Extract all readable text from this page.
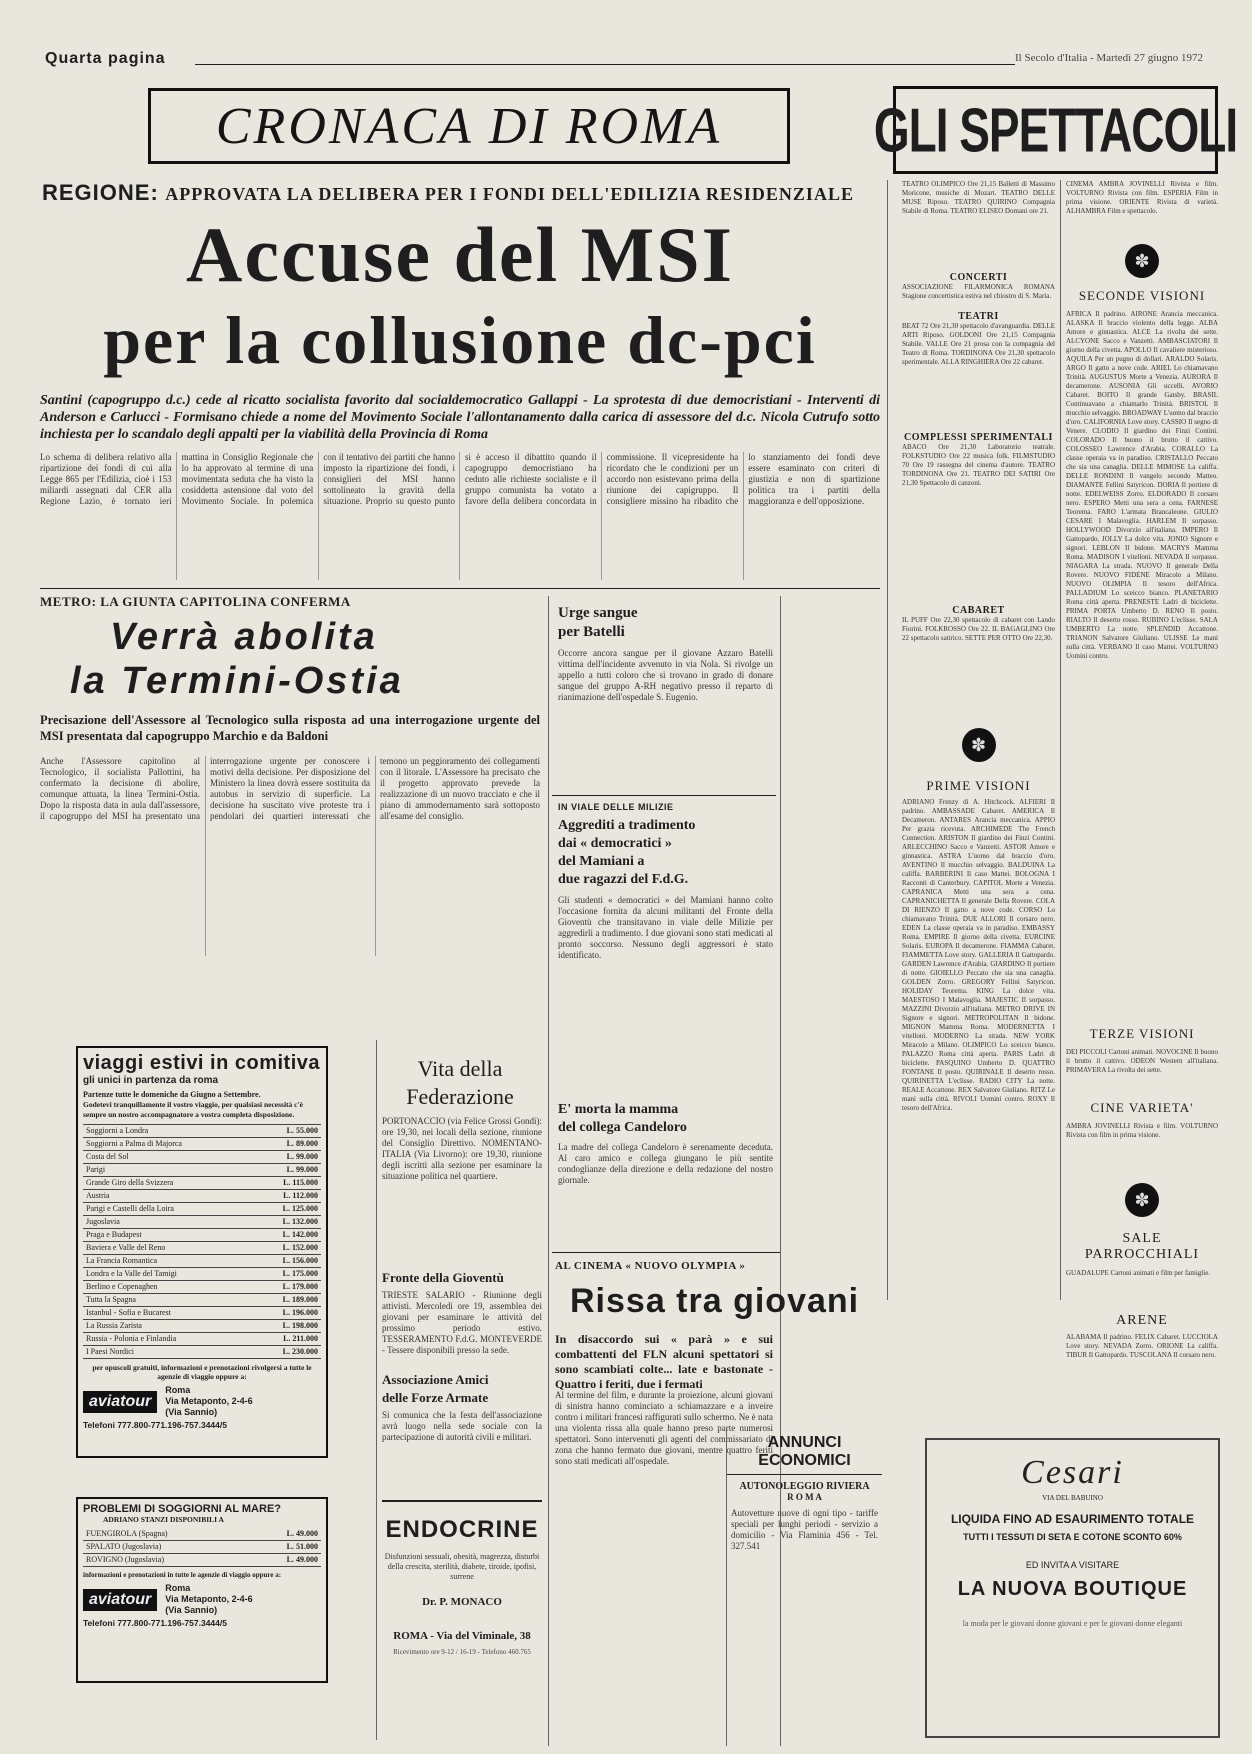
Quarta pagina	Il Secolo d'Italia - Martedì 27 giugno 1972
CRONACA DI ROMA
REGIONE: APPROVATA LA DELIBERA PER I FONDI DELL'EDILIZIA RESIDENZIALE
Accuse del MSI
per la collusione dc-pci
Santini (capogruppo d.c.) cede al ricatto socialista favorito dal socialdemocratico Gallappi - La sprotesta di due democristiani - Interventi di Anderson e Carlucci - Formisano chiede a nome del Movimento Sociale l'allontanamento dalla carica di assessore del d.c. Nicola Cutrufo sotto inchiesta per lo scandalo degli appalti per la viabilità della Provincia di Roma
Lo schema di delibera relativo alla ripartizione dei fondi di cui alla Legge 865 per l'Edilizia, cioè i 153 miliardi assegnati dal CER alla Regione Lazio, è tornato ieri mattina in Consiglio Regionale che lo ha approvato al termine di una movimentata seduta che ha visto la cosiddetta astensione dal voto del Movimento Sociale. In polemica con il tentativo dei partiti che hanno imposto la ripartizione dei fondi, i consiglieri del MSI hanno sottolineato la gravità della situazione. Proprio su questo punto si è acceso il dibattito quando il capogruppo democristiano ha ceduto alle richieste socialiste e il gruppo comunista ha votato a favore della delibera concordata in commissione. Il vicepresidente ha ricordato che le condizioni per un accordo non esistevano prima della riunione dei capigruppo. Il consigliere missino ha ribadito che lo stanziamento dei fondi deve essere esaminato con criteri di giustizia e non di spartizione politica tra i partiti della maggioranza e dell'opposizione.
METRO: LA GIUNTA CAPITOLINA CONFERMA
Verrà abolita
la Termini-Ostia
Precisazione dell'Assessore al Tecnologico sulla risposta ad una interrogazione urgente del MSI presentata dal capogruppo Marchio e da Baldoni
Anche l'Assessore capitolino al Tecnologico, il socialista Pallottini, ha confermato la decisione di abolire, comunque attuata, la linea Termini-Ostia. Dopo la risposta data in aula dall'assessore, il capogruppo del MSI ha presentato una interrogazione urgente per conoscere i motivi della decisione. Per disposizione del Ministero la linea dovrà essere sostituita da autobus in servizio di superficie. La decisione ha suscitato vive proteste tra i pendolari dei quartieri interessati che temono un peggioramento dei collegamenti con il litorale. L'Assessore ha precisato che il progetto approvato prevede la realizzazione di un nuovo tracciato e che il piano di ammodernamento sarà sottoposto all'esame del consiglio.
Urge sangue
per Batelli
Occorre ancora sangue per il giovane Azzaro Batelli vittima dell'incidente avvenuto in via Nola. Si rivolge un appello a tutti coloro che si trovano in grado di donare sangue del gruppo A-RH negativo presso il reparto di rianimazione dell'ospedale S. Eugenio.
IN VIALE DELLE MILIZIE
Aggrediti a tradimento
dai « democratici »
del Mamiani a
due ragazzi del F.d.G.
Gli studenti « democratici » del Mamiani hanno colto l'occasione fornita da alcuni militanti del Fronte della Gioventù che transitavano in viale delle Milizie per aggredirli a tradimento. I due giovani sono stati medicati al pronto soccorso. Nessuno degli aggressori è stato identificato.
E' morta la mamma
del collega Candeloro
La madre del collega Candeloro è serenamente deceduta. Al caro amico e collega giungano le più sentite condoglianze della direzione e della redazione del nostro giornale.
Vita della
Federazione
PORTONACCIO (via Felice Grossi Gondi): ore 19,30, nei locali della sezione, riunione del Consiglio Direttivo. NOMENTANO-ITALIA (Via Livorno): ore 19,30, riunione degli iscritti alla sezione per esaminare la situazione politica nel quartiere.
Fronte della Gioventù
TRIESTE SALARIO - Riunione degli attivisti. Mercoledì ore 19, assemblea dei giovani per esaminare le attività del prossimo periodo estivo. TESSERAMENTO F.d.G. MONTEVERDE - Tessere disponibili presso la sede.
Associazione Amici
delle Forze Armate
Si comunica che la festa dell'associazione avrà luogo nella sede sociale con la partecipazione di autorità civili e militari.
ENDOCRINE
Disfunzioni sessuali, obesità, magrezza, disturbi della crescita, sterilità, diabete, tiroide, ipofisi, surrene
Dr. P. MONACO
ROMA - Via del Viminale, 38
Ricevimento ore 9-12 / 16-19 - Telefono 460.765
AL CINEMA « NUOVO OLYMPIA »
Rissa tra giovani
In disaccordo sui « parà » e sui combattenti del FLN alcuni spettatori si sono scambiati colte... late e bastonate - Quattro i feriti, due i fermati
Al termine del film, e durante la proiezione, alcuni giovani di sinistra hanno cominciato a schiamazzare e a inveire contro i militari francesi raffigurati sullo schermo. Ne è nata una violenta rissa alla quale hanno preso parte numerosi spettatori. Sono intervenuti gli agenti del commissariato di zona che hanno fermato due giovani, mentre quattro feriti sono stati medicati all'ospedale.
ANNUNCI ECONOMICI
AUTONOLEGGIO RIVIERA
R O M A
Autovetture nuove di ogni tipo - tariffe speciali per lunghi periodi - servizio a domicilio - Via Flaminia 456 - Tel. 327.541
viaggi estivi in comitiva
gli unici in partenza da roma
Partenze tutte le domeniche da Giugno a Settembre.
Godetevi tranquillamente il vostro viaggio, per qualsiasi necessità c'è sempre un nostro accompagnatore a vostra completa disposizione.
Soggiorni a Londra	L. 55.000
Soggiorni a Palma di Majorca	L. 89.000
Costa del Sol	L. 99.000
Parigi	L. 99.000
Grande Giro della Svizzera	L. 115.000
Austria	L. 112.000
Parigi e Castelli della Loira	L. 125.000
Jugoslavia	L. 132.000
Praga e Budapest	L. 142.000
Baviera e Valle del Reno	L. 152.000
La Francia Romantica	L. 156.000
Londra e la Valle del Tamigi	L. 175.000
Berlino e Copenaghen	L. 179.000
Tutta la Spagna	L. 189.000
Istanbul - Sofia e Bucarest	L. 196.000
La Russia Zarista	L. 198.000
Russia - Polonia e Finlandia	L. 211.000
I Paesi Nordici	L. 230.000
per opuscoli gratuiti, informazioni e prenotazioni rivolgersi a tutte le agenzie di viaggio oppure a:
aviatour
Roma
Via Metaponto, 2-4-6
(Via Sannio)
Telefoni 777.800-771.196-757.3444/5
PROBLEMI DI SOGGIORNI AL MARE?
ADRIANO STANZI DISPONIBILI A
FUENGIROLA (Spagna)	L. 49.000
SPALATO (Jugoslavia)	L. 51.000
ROVIGNO (Jugoslavia)	L. 49.000
informazioni e prenotazioni in tutte le agenzie di viaggio oppure a:
aviatour
Roma
Via Metaponto, 2-4-6
(Via Sannio)
Telefoni 777.800-771.196-757.3444/5
GLI SPETTACOLI
TEATRO OLIMPICO Ore 21,15 Balletti di Massimo Moricone, musiche di Mozart. TEATRO DELLE MUSE Riposo. TEATRO QUIRINO Compagnia Stabile di Roma. TEATRO ELISEO Domani ore 21.
CONCERTI
ASSOCIAZIONE FILARMONICA ROMANA Stagione concertistica estiva nel chiostro di S. Maria.
TEATRI
BEAT 72 Ore 21,30 spettacolo d'avanguardia. DELLE ARTI Riposo. GOLDONI Ore 21,15 Compagnia Stabile. VALLE Ore 21 prosa con la compagnia del Teatro di Roma. TORDINONA Ore 21,30 spettacolo sperimentale. ALLA RINGHIERA Ore 22 cabaret.
COMPLESSI SPERIMENTALI
ABACO Ore 21,30 Laboratorio teatrale. FOLKSTUDIO Ore 22 musica folk. FILMSTUDIO 70 Ore 19 rassegna del cinema d'autore. TEATRO TORDINONA Ore 21. TEATRO DEI SATIRI Ore 21,30 Spettacolo di canzoni.
CABARET
IL PUFF Ore 22,30 spettacolo di cabaret con Lando Fiorini. FOLKROSSO Ore 22. IL BAGAGLINO Ore 22 spettacolo satirico. SETTE PER OTTO Ore 22,30.
✽
PRIME VISIONI
ADRIANO Frenzy di A. Hitchcock. ALFIERI Il padrino. AMBASSADE Cabaret. AMERICA Il Decameron. ANTARES Arancia meccanica. APPIO Per grazia ricevuta. ARCHIMEDE The French Connection. ARISTON Il giardino dei Finzi Contini. ARLECCHINO Sacco e Vanzetti. ASTOR Amore e ginnastica. ASTRA L'uomo dal braccio d'oro. AVENTINO Il mucchio selvaggio. BALDUINA La califfa. BARBERINI Il caso Mattei. BOLOGNA I Racconti di Canterbury. CAPITOL Morte a Venezia. CAPRANICA Metti una sera a cena. CAPRANICHETTA Il generale Della Rovere. COLA DI RIENZO Il gatto a nove code. CORSO Lo chiamavano Trinità. DUE ALLORI Il corsaro nero. EDEN La classe operaia va in paradiso. EMBASSY Roma. EMPIRE Il giorno della civetta. EURCINE Solaris. EUROPA Il decamerone. FIAMMA Cabaret. FIAMMETTA Love story. GALLERIA Il Gattopardo. GARDEN Lawrence d'Arabia. GIARDINO Il portiere di notte. GIOIELLO Peccato che sia una canaglia. GOLDEN Zorro. GREGORY Fellini Satyricon. HOLIDAY Teorema. KING La dolce vita. MAESTOSO I Malavoglia. MAJESTIC Il sorpasso. MAZZINI Divorzio all'italiana. METRO DRIVE IN Signore e signori. METROPOLITAN Il bidone. MIGNON Mamma Roma. MODERNETTA I vitelloni. MODERNO La strada. NEW YORK Miracolo a Milano. OLIMPICO Lo sceicco bianco. PALAZZO Roma città aperta. PARIS Ladri di biciclette. PASQUINO Umberto D. QUATTRO FONTANE Il posto. QUIRINALE Il deserto rosso. QUIRINETTA L'eclisse. RADIO CITY La notte. REALE Accattone. REX Salvatore Giuliano. RITZ Le mani sulla città. RIVOLI Uomini contro. ROXY Il tesoro dell'Africa.
CINEMA AMBRA JOVINELLI Rivista e film. VOLTURNO Rivista con film. ESPERIA Film in prima visione. ORIENTE Rivista di varietà. ALHAMBRA Film e spettacolo.
✽
SECONDE VISIONI
AFRICA Il padrino. AIRONE Arancia meccanica. ALASKA Il braccio violento della legge. ALBA Amore e ginnastica. ALCE La rivolta dei sette. ALCYONE Sacco e Vanzetti. AMBASCIATORI Il giorno della civetta. APOLLO Il cavaliere misterioso. AQUILA Per un pugno di dollari. ARALDO Solaris. ARGO Il gatto a nove code. ARIEL Lo chiamavano Trinità. AUGUSTUS Morte a Venezia. AURORA Il decamerone. AUSONIA Gli uccelli. AVORIO Cabaret. BOITO Il grande Gatsby. BRASIL Continuavano a chiamarlo Trinità. BRISTOL Il mucchio selvaggio. BROADWAY L'uomo dal braccio d'oro. CALIFORNIA Love story. CASSIO Il segno di Venere. CLODIO Il giardino dei Finzi Contini. COLORADO Il buono il brutto il cattivo. COLOSSEO Lawrence d'Arabia. CORALLO La classe operaia va in paradiso. CRISTALLO Peccato che sia una canaglia. DELLE MIMOSE La califfa. DELLE RONDINI Il vangelo secondo Matteo. DIAMANTE Fellini Satyricon. DORIA Il portiere di notte. EDELWEISS Zorro. ELDORADO Il corsaro nero. ESPERO Metti una sera a cena. FARNESE Teorema. FARO L'armata Brancaleone. GIULIO CESARE I Malavoglia. HARLEM Il sorpasso. HOLLYWOOD Divorzio all'italiana. IMPERO Il Gattopardo. JOLLY La dolce vita. JONIO Signore e signori. LEBLON Il bidone. MACRYS Mamma Roma. MADISON I vitelloni. NEVADA Il sorpasso. NIAGARA La strada. NUOVO Il generale Della Rovere. NUOVO FIDENE Miracolo a Milano. NUOVO OLIMPIA Il tesoro dell'Africa. PALLADIUM Lo sceicco bianco. PLANETARIO Roma città aperta. PRENESTE Ladri di biciclette. PRIMA PORTA Umberto D. RENO Il posto. RIALTO Il deserto rosso. RUBINO L'eclisse. SALA UMBERTO La notte. SPLENDID Accattone. TRIANON Salvatore Giuliano. ULISSE Le mani sulla città. VERBANO Il caso Mattei. VOLTURNO Uomini contro.
TERZE VISIONI
DEI PICCOLI Cartoni animati. NOVOCINE Il buono il brutto il cattivo. ODEON Western all'italiana. PRIMAVERA La rivolta dei sette.
CINE VARIETA'
AMBRA JOVINELLI Rivista e film. VOLTURNO Rivista con film in prima visione.
✽
SALE
PARROCCHIALI
GUADALUPE Cartoni animati e film per famiglie.
ARENE
ALABAMA Il padrino. FELIX Cabaret. LUCCIOLA Love story. NEVADA Zorro. ORIONE La califfa. TIBUR Il Gattopardo. TUSCOLANA Il corsaro nero.
Cesari
VIA DEL BABUINO
LIQUIDA FINO AD ESAURIMENTO TOTALE
TUTTI I TESSUTI DI SETA E COTONE SCONTO 60%
ED INVITA A VISITARE
LA NUOVA BOUTIQUE
la moda per le giovani donne giovani e per le giovani donne eleganti
